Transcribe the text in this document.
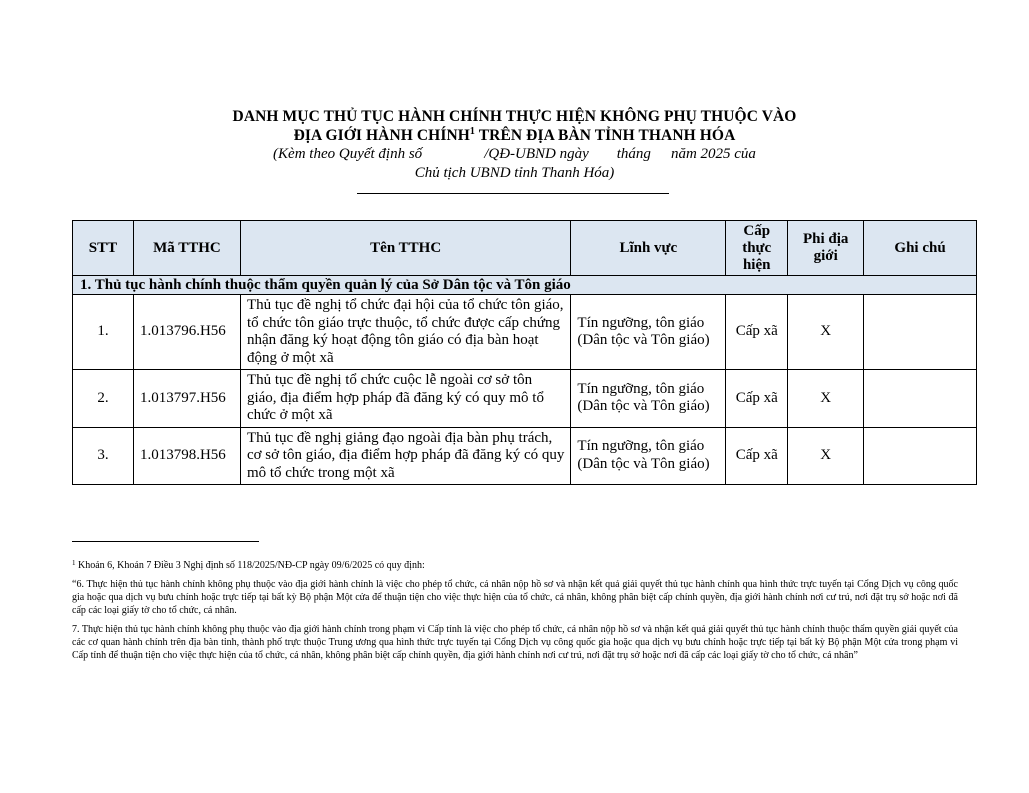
DANH MỤC THỦ TỤC HÀNH CHÍNH THỰC HIỆN KHÔNG PHỤ THUỘC VÀO
ĐỊA GIỚI HÀNH CHÍNH$^1$ TRÊN ĐỊA BÀN TỈNH THANH HÓA
(Kèm theo Quyết định số	/QĐ-UBND ngày tháng năm 2025 của
Chủ tịch UBND tỉnh Thanh Hóa)
STT	Mã TTHC	Tên TTHC	Lĩnh vực	Cấp thực hiện	Phi địa giới	Ghi chú
1. Thủ tục hành chính thuộc thẩm quyền quản lý của Sở Dân tộc và Tôn giáo						
1.	1.013796.H56	Thủ tục đề nghị tổ chức đại hội của tổ chức tôn giáo, tổ chức tôn giáo trực thuộc, tổ chức được cấp chứng nhận đăng ký hoạt động tôn giáo có địa bàn hoạt động ở một xã	Tín ngưỡng, tôn giáo (Dân tộc và Tôn giáo)	Cấp xã	X	
2.	1.013797.H56	Thủ tục đề nghị tổ chức cuộc lễ ngoài cơ sở tôn giáo, địa điểm hợp pháp đã đăng ký có quy mô tổ chức ở một xã	Tín ngưỡng, tôn giáo (Dân tộc và Tôn giáo)	Cấp xã	X	
3.	1.013798.H56	Thủ tục đề nghị giảng đạo ngoài địa bàn phụ trách, cơ sở tôn giáo, địa điểm hợp pháp đã đăng ký có quy mô tổ chức trong một xã	Tín ngưỡng, tôn giáo (Dân tộc và Tôn giáo)	Cấp xã	X	

$^1$ Khoản 6, Khoản 7 Điều 3 Nghị định số 118/2025/NĐ-CP ngày 09/6/2025 có quy định:

“6. Thực hiện thủ tục hành chính không phụ thuộc vào địa giới hành chính là việc cho phép tổ chức, cá nhân nộp hồ sơ và nhận kết quả giải quyết thủ tục hành chính qua hình thức trực tuyến tại Cổng Dịch vụ công quốc gia hoặc qua dịch vụ bưu chính hoặc trực tiếp tại bất kỳ Bộ phận Một cửa để thuận tiện cho việc thực hiện của tổ chức, cá nhân, không phân biệt cấp chính quyền, địa giới hành chính nơi cư trú, nơi đặt trụ sở hoặc nơi đã cấp các loại giấy tờ cho tổ chức, cá nhân.

7. Thực hiện thủ tục hành chính không phụ thuộc vào địa giới hành chính trong phạm vi Cấp tỉnh là việc cho phép tổ chức, cá nhân nộp hồ sơ và nhận kết quả giải quyết thủ tục hành chính thuộc thẩm quyền giải quyết của các cơ quan hành chính trên địa bàn tỉnh, thành phố trực thuộc Trung ương qua hình thức trực tuyến tại Cổng Dịch vụ công quốc gia hoặc qua dịch vụ bưu chính hoặc trực tiếp tại bất kỳ Bộ phận Một cửa trong phạm vi Cấp tỉnh để thuận tiện cho việc thực hiện của tổ chức, cá nhân, không phân biệt cấp chính quyền, địa giới hành chính nơi cư trú, nơi đặt trụ sở hoặc nơi đã cấp các loại giấy tờ cho tổ chức, cá nhân”
